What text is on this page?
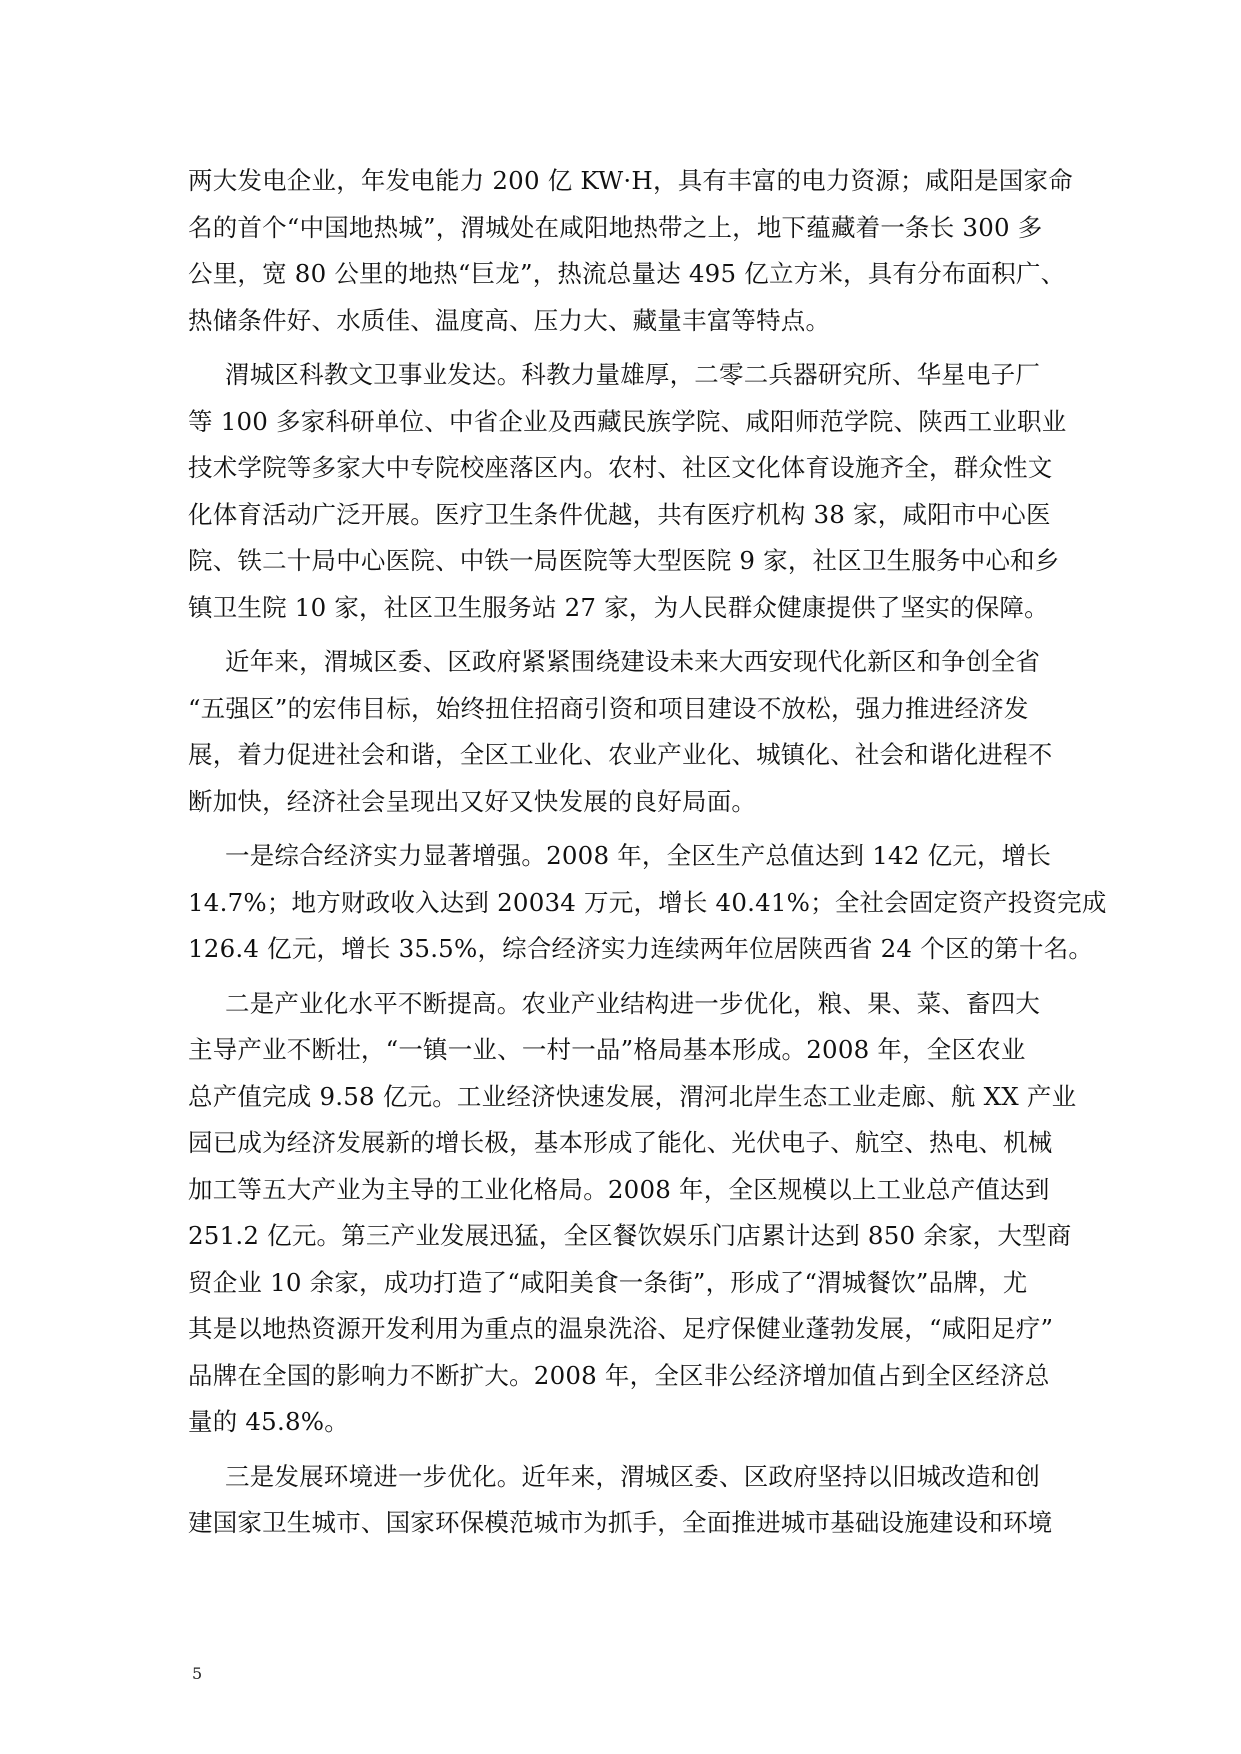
两大发电企业，年发电能力 200 亿 KW·H，具有丰富的电力资源；咸阳是国家命
名的首个“中国地热城”，渭城处在咸阳地热带之上，地下蕴藏着一条长 300 多
公里，宽 80 公里的地热“巨龙”，热流总量达 495 亿立方米，具有分布面积广、
热储条件好、水质佳、温度高、压力大、藏量丰富等特点。
渭城区科教文卫事业发达。科教力量雄厚，二零二兵器研究所、华星电子厂
等 100 多家科研单位、中省企业及西藏民族学院、咸阳师范学院、陕西工业职业
技术学院等多家大中专院校座落区内。农村、社区文化体育设施齐全，群众性文
化体育活动广泛开展。医疗卫生条件优越，共有医疗机构 38 家，咸阳市中心医
院、铁二十局中心医院、中铁一局医院等大型医院 9 家，社区卫生服务中心和乡
镇卫生院 10 家，社区卫生服务站 27 家，为人民群众健康提供了坚实的保障。
近年来，渭城区委、区政府紧紧围绕建设未来大西安现代化新区和争创全省
“五强区”的宏伟目标，始终扭住招商引资和项目建设不放松，强力推进经济发
展，着力促进社会和谐，全区工业化、农业产业化、城镇化、社会和谐化进程不
断加快，经济社会呈现出又好又快发展的良好局面。
一是综合经济实力显著增强。2008 年，全区生产总值达到 142 亿元，增长
14.7%；地方财政收入达到 20034 万元，增长 40.41%；全社会固定资产投资完成
126.4 亿元，增长 35.5%，综合经济实力连续两年位居陕西省 24 个区的第十名。
二是产业化水平不断提高。农业产业结构进一步优化，粮、果、菜、畜四大
主导产业不断壮，“一镇一业、一村一品”格局基本形成。2008 年，全区农业
总产值完成 9.58 亿元。工业经济快速发展，渭河北岸生态工业走廊、航 XX 产业
园已成为经济发展新的增长极，基本形成了能化、光伏电子、航空、热电、机械
加工等五大产业为主导的工业化格局。2008 年，全区规模以上工业总产值达到
251.2 亿元。第三产业发展迅猛，全区餐饮娱乐门店累计达到 850 余家，大型商
贸企业 10 余家，成功打造了“咸阳美食一条街”，形成了“渭城餐饮”品牌，尤
其是以地热资源开发利用为重点的温泉洗浴、足疗保健业蓬勃发展，“咸阳足疗”
品牌在全国的影响力不断扩大。2008 年，全区非公经济增加值占到全区经济总
量的 45.8%。
三是发展环境进一步优化。近年来，渭城区委、区政府坚持以旧城改造和创
建国家卫生城市、国家环保模范城市为抓手，全面推进城市基础设施建设和环境
5
